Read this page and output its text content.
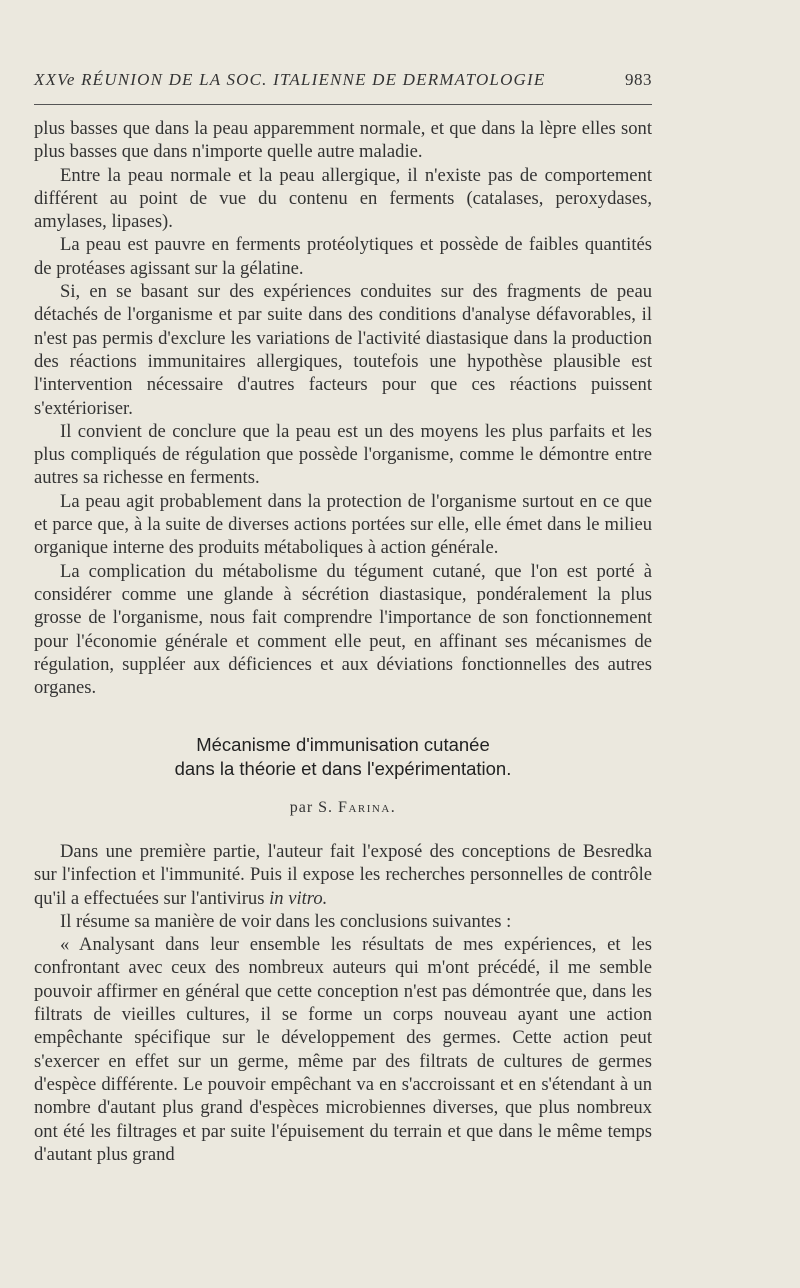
XXVe RÉUNION DE LA SOC. ITALIENNE DE DERMATOLOGIE	983

plus basses que dans la peau apparemment normale, et que dans la lèpre elles sont plus basses que dans n'importe quelle autre maladie.

Entre la peau normale et la peau allergique, il n'existe pas de comportement différent au point de vue du contenu en ferments (catalases, peroxydases, amylases, lipases).

La peau est pauvre en ferments protéolytiques et possède de faibles quantités de protéases agissant sur la gélatine.

Si, en se basant sur des expériences conduites sur des fragments de peau détachés de l'organisme et par suite dans des conditions d'analyse défavorables, il n'est pas permis d'exclure les variations de l'activité diastasique dans la production des réactions immunitaires allergiques, toutefois une hypothèse plausible est l'intervention nécessaire d'autres facteurs pour que ces réactions puissent s'extérioriser.

Il convient de conclure que la peau est un des moyens les plus parfaits et les plus compliqués de régulation que possède l'organisme, comme le démontre entre autres sa richesse en ferments.

La peau agit probablement dans la protection de l'organisme surtout en ce que et parce que, à la suite de diverses actions portées sur elle, elle émet dans le milieu organique interne des produits métaboliques à action générale.

La complication du métabolisme du tégument cutané, que l'on est porté à considérer comme une glande à sécrétion diastasique, pondéralement la plus grosse de l'organisme, nous fait comprendre l'importance de son fonctionnement pour l'économie générale et comment elle peut, en affinant ses mécanismes de régulation, suppléer aux déficiences et aux déviations fonctionnelles des autres organes.

Mécanisme d'immunisation cutanée
dans la théorie et dans l'expérimentation.
par S. Farina.

Dans une première partie, l'auteur fait l'exposé des conceptions de Besredka sur l'infection et l'immunité. Puis il expose les recherches personnelles de contrôle qu'il a effectuées sur l'antivirus in vitro.

Il résume sa manière de voir dans les conclusions suivantes :

« Analysant dans leur ensemble les résultats de mes expériences, et les confrontant avec ceux des nombreux auteurs qui m'ont précédé, il me semble pouvoir affirmer en général que cette conception n'est pas démontrée que, dans les filtrats de vieilles cultures, il se forme un corps nouveau ayant une action empêchante spécifique sur le développement des germes. Cette action peut s'exercer en effet sur un germe, même par des filtrats de cultures de germes d'espèce différente. Le pouvoir empêchant va en s'accroissant et en s'étendant à un nombre d'autant plus grand d'espèces microbiennes diverses, que plus nombreux ont été les filtrages et par suite l'épuisement du terrain et que dans le même temps d'autant plus grand
